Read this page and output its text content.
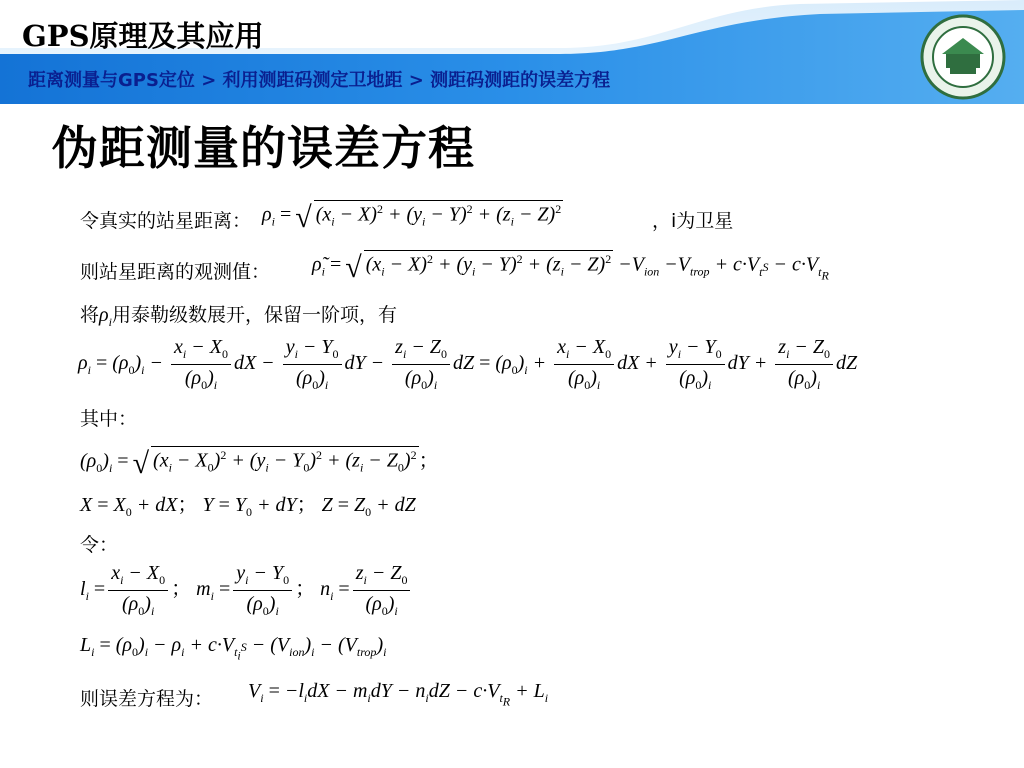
GPS原理及其应用
距离测量与GPS定位 > 利用测距码测定卫地距 > 测距码测距的误差方程
伪距测量的误差方程
令真实的站星距离： $\rho_i$ = √ $(x_i - X)^2 + (y_i - Y)^2 + (z_i - Z)^2$
，i为卫星
则站星距离的观测值： $\rhõ_i$ = √ $(x_i - X)^2 + (y_i - Y)^2 + (z_i - Z)^2 -V_{ion} -V_{trop} + c\cdot V_{t^S} - c\cdot V_{t_R}$
将$\rho_i$用泰勒级数展开，保留一阶项，有
$\rho_i = (\rho_0)_i - \frac{x_i - X_0}{(\rho_0)_i}$ dX − $\frac{y_i - Y_0}{(\rho_0)_i}$ dY − $\frac{z_i - Z_0}{(\rho_0)_i}$ dZ = $(\rho_0)_i + \frac{x_i - X_0}{(\rho_0)_i}$ dX + $\frac{y_i - Y_0}{(\rho_0)_i}$ dY + $\frac{z_i - Z_0}{(\rho_0)_i}$ dZ
其中：
$(\rho_0)_i$ = √ $(x_i - X_0)^2 + (y_i - Y_0)^2 + (z_i - Z_0)^2$ ；
$X = X_0$ + dX； $Y = Y_0$ + dY； $Z = Z_0$ + dZ
令：
$l_i = \frac{x_i - X_0}{(\rho_0)_i}$ ； $m_i = \frac{y_i - Y_0}{(\rho_0)_i}$ ； $n_i = \frac{z_i - Z_0}{(\rho_0)_i}$
$L_i = (\rho_0)_i - \rho_i + c\cdot V_{t_i^S} - (V_{ion})_i - (V_{trop})_i$
则误差方程为： $V_i = -l_idX - m_idY - n_idZ - c\cdot V_{t_R} + L_i$
